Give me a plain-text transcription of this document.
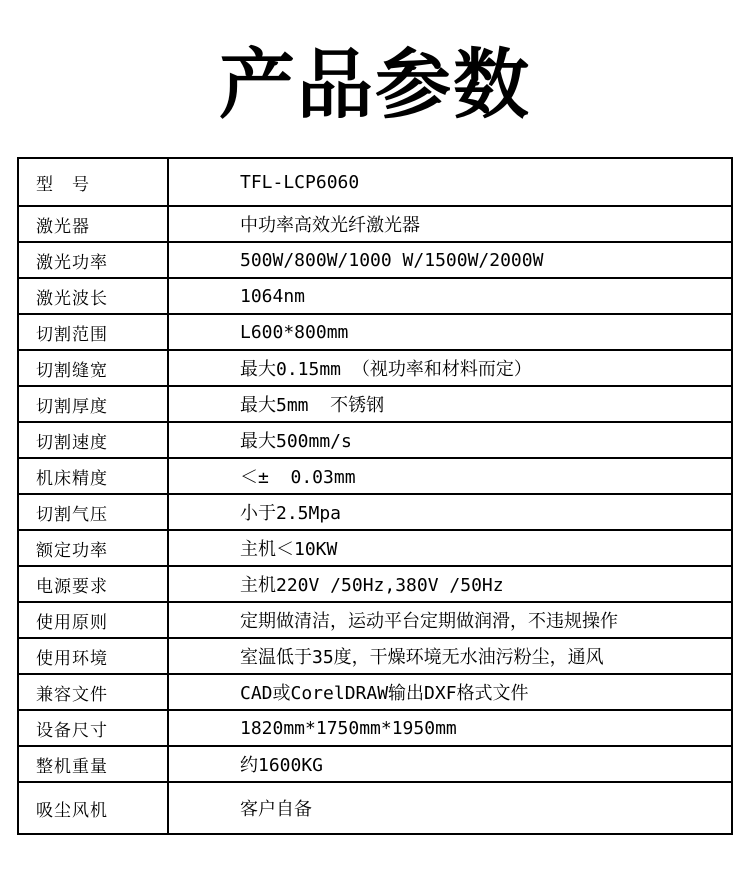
产品参数
型　号	TFL-LCP6060
激光器	中功率高效光纤激光器
激光功率	500W/800W/1000 W/1500W/2000W
激光波长	1064nm
切割范围	L600*800mm
切割缝宽	最大0.15mm （视功率和材料而定）
切割厚度	最大5mm  不锈钢
切割速度	最大500mm/s
机床精度	＜±  0.03mm
切割气压	小于2.5Mpa
额定功率	主机＜10KW
电源要求	主机220V /50Hz,380V /50Hz
使用原则	定期做清洁，运动平台定期做润滑，不违规操作
使用环境	室温低于35度，干燥环境无水油污粉尘，通风
兼容文件	CAD或CorelDRAW输出DXF格式文件
设备尺寸	1820mm*1750mm*1950mm
整机重量	约1600KG
吸尘风机	客户自备
